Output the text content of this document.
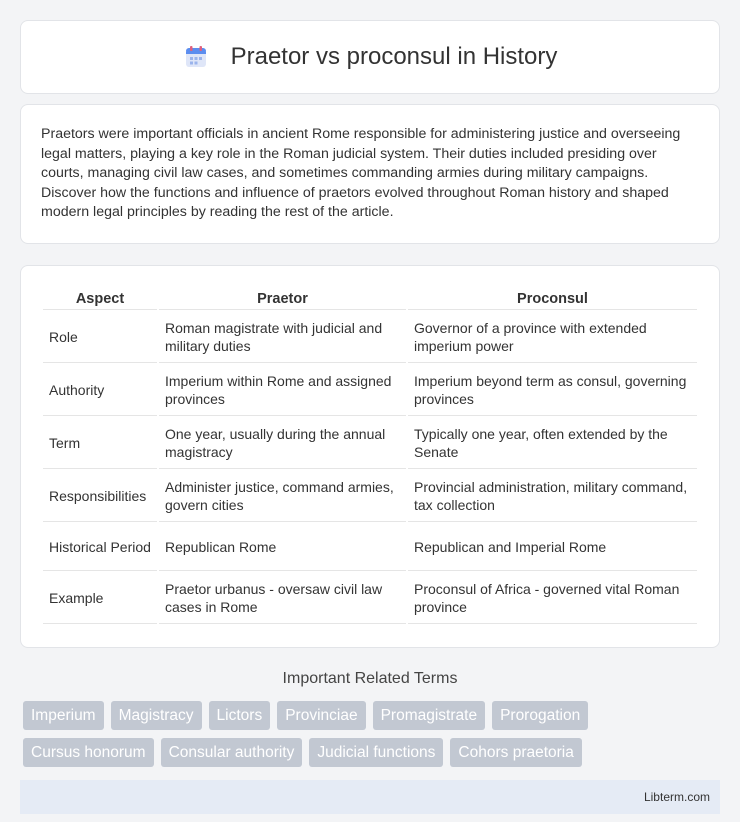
Praetor vs proconsul in History

Praetors were important officials in ancient Rome responsible for administering justice and overseeing legal matters, playing a key role in the Roman judicial system. Their duties included presiding over courts, managing civil law cases, and sometimes commanding armies during military campaigns. Discover how the functions and influence of praetors evolved throughout Roman history and shaped modern legal principles by reading the rest of the article.

Aspect	Praetor	Proconsul
Role	Roman magistrate with judicial and military duties	Governor of a province with extended imperium power
Authority	Imperium within Rome and assigned provinces	Imperium beyond term as consul, governing provinces
Term	One year, usually during the annual magistracy	Typically one year, often extended by the Senate
Responsibilities	Administer justice, command armies, govern cities	Provincial administration, military command, tax collection
Historical Period	Republican Rome	Republican and Imperial Rome
Example	Praetor urbanus - oversaw civil law cases in Rome	Proconsul of Africa - governed vital Roman province
Important Related Terms
Imperium	Magistracy	Lictors	Provinciae	Promagistrate	Prorogation
Cursus honorum	Consular authority	Judicial functions	Cohors praetoria
Libterm.com
